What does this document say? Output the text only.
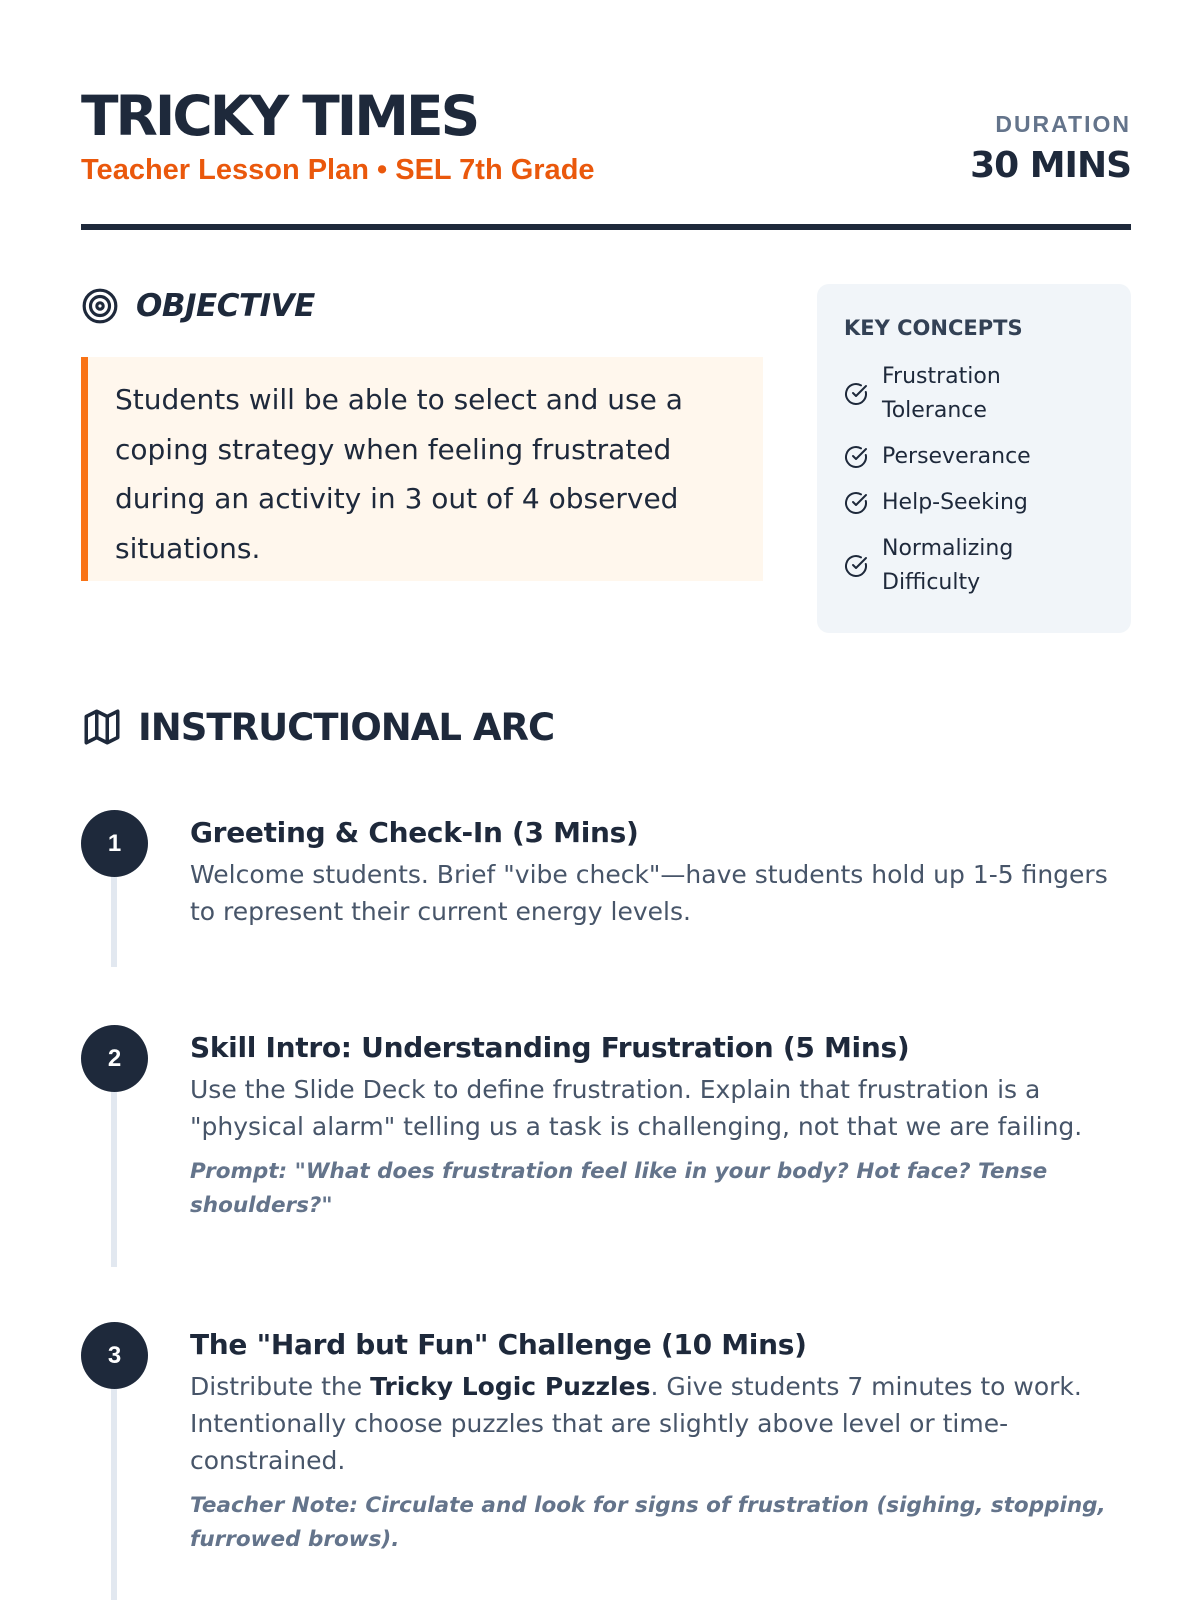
TRICKY TIMES
Teacher Lesson Plan • SEL 7th Grade
DURATION
30 MINS
OBJECTIVE

Students will be able to select and use a coping strategy when feeling frustrated during an activity in 3 out of 4 observed situations.

KEY CONCEPTS
Frustration Tolerance
Perseverance
Help-Seeking
Normalizing Difficulty
INSTRUCTIONAL ARC
1	Greeting & Check-In (3 Mins)
Welcome students. Brief "vibe check"—have students hold up 1-5 fingers to represent their current energy levels.
2	Skill Intro: Understanding Frustration (5 Mins)
Use the Slide Deck to define frustration. Explain that frustration is a "physical alarm" telling us a task is challenging, not that we are failing.
Prompt: "What does frustration feel like in your body? Hot face? Tense shoulders?"
3	The "Hard but Fun" Challenge (10 Mins)
Distribute the Tricky Logic Puzzles. Give students 7 minutes to work. Intentionally choose puzzles that are slightly above level or time-constrained.
Teacher Note: Circulate and look for signs of frustration (sighing, stopping, furrowed brows).
